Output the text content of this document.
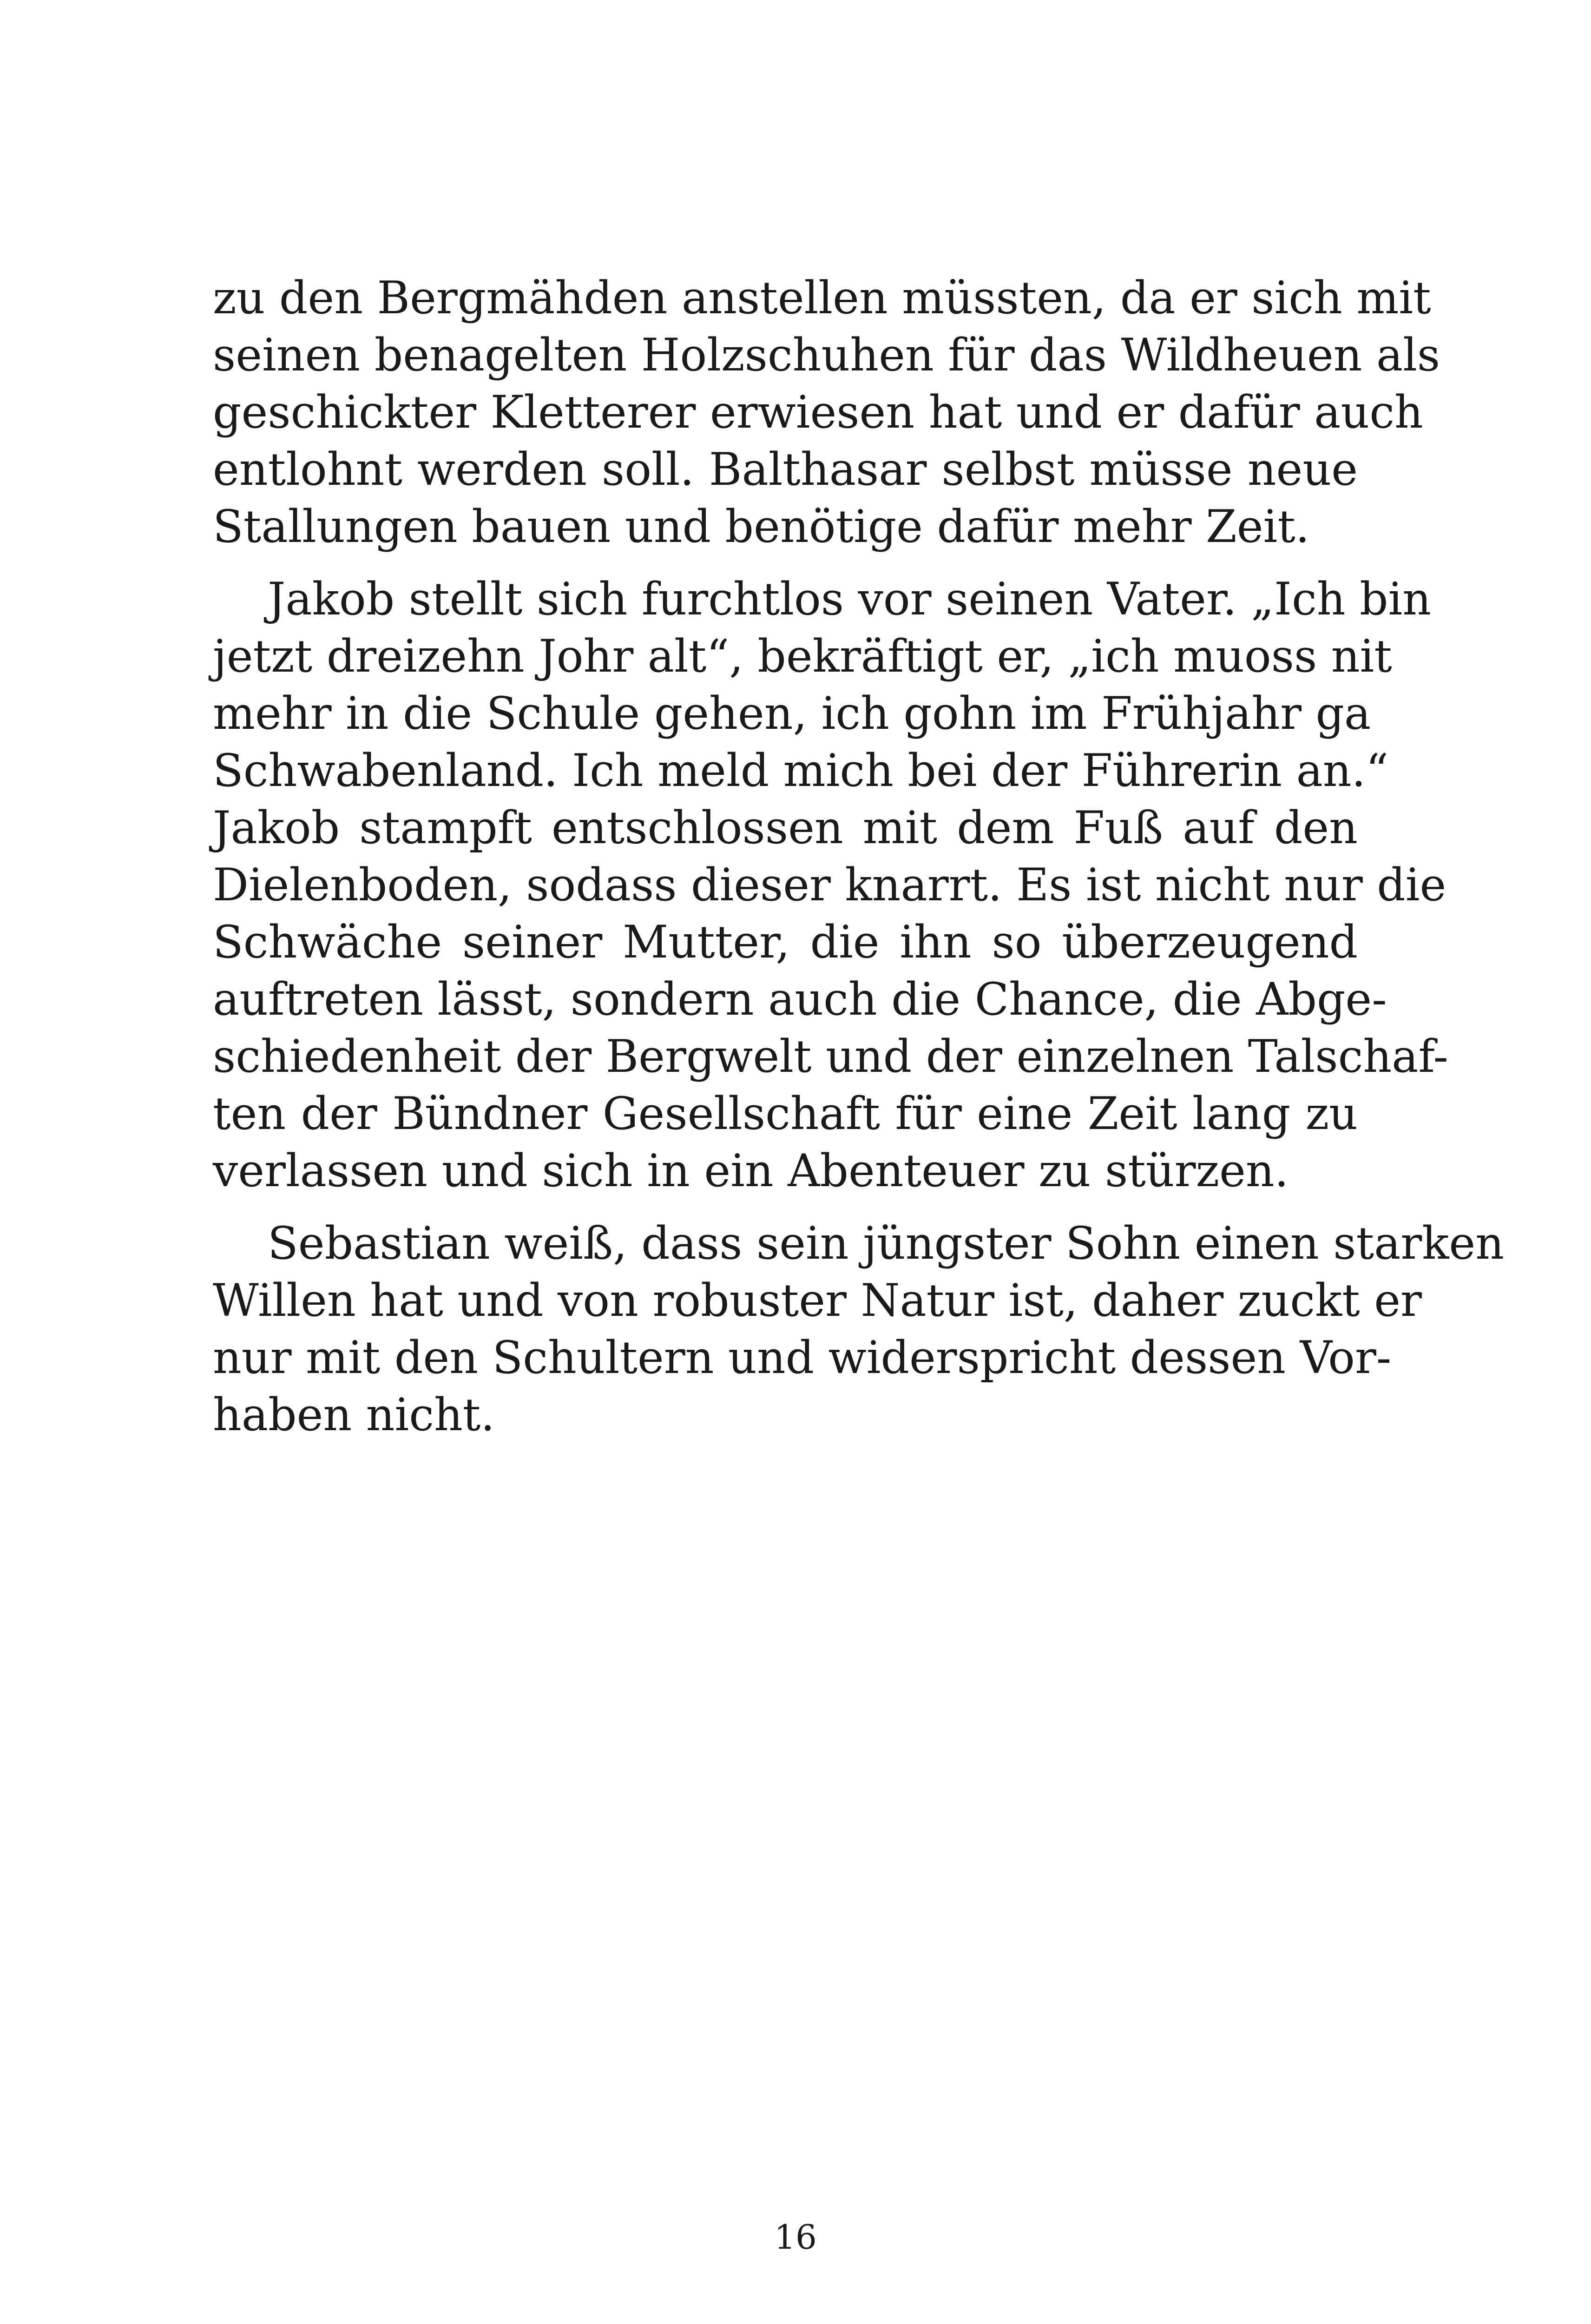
zu den Bergmähden anstellen müssten, da er sich mit
seinen benagelten Holzschuhen für das Wildheuen als
geschickter Kletterer erwiesen hat und er dafür auch
entlohnt werden soll. Balthasar selbst müsse neue
Stallungen bauen und benötige dafür mehr Zeit.

Jakob stellt sich furchtlos vor seinen Vater. „Ich bin
jetzt dreizehn Johr alt“, bekräftigt er, „ich muoss nit
mehr in die Schule gehen, ich gohn im Frühjahr ga
Schwabenland. Ich meld mich bei der Führerin an.“
Jakob stampft entschlossen mit dem Fuß auf den
Dielenboden, sodass dieser knarrt. Es ist nicht nur die
Schwäche seiner Mutter, die ihn so überzeugend
auftreten lässt, sondern auch die Chance, die Abge-
schiedenheit der Bergwelt und der einzelnen Talschaf-
ten der Bündner Gesellschaft für eine Zeit lang zu
verlassen und sich in ein Abenteuer zu stürzen.

Sebastian weiß, dass sein jüngster Sohn einen starken
Willen hat und von robuster Natur ist, daher zuckt er
nur mit den Schultern und widerspricht dessen Vor-
haben nicht.

16
